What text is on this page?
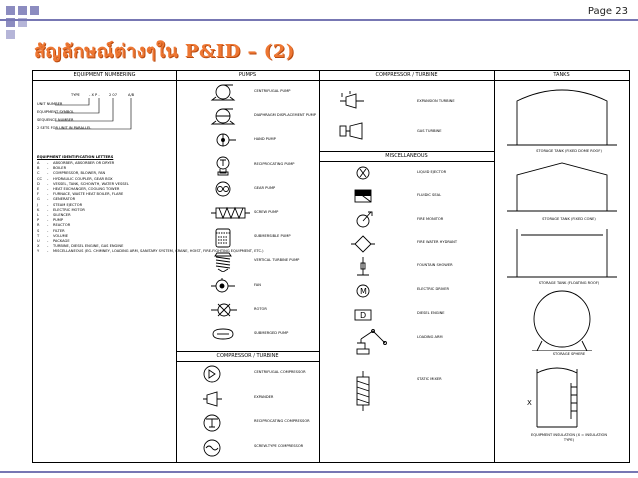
Page 23
สัญลักษณ์ต่างๆใน P&ID – (2)
EQUIPMENT NUMBERING	PUMPS	COMPRESSOR / TURBINE	TANKS
MISCELLANEOUS
COMPRESSOR / TURBINE
TYPE	- X P -	2 07	A/B
UNIT NUMBER
EQUIPMENT SYMBOL
SEQUENCE NUMBER
2 SETS FOR UNIT IN PARALLEL
EQUIPMENT IDENTIFICATION LETTERS
A - ABSORBER, ABSORBER OR DRYER
B - BOILER
C - COMPRESSOR, BLOWER, FAN
CC - HYDRAULIC COUPLER, GEAR BOX
D - VESSEL, TANK, SCHOWTH, WATER VESSEL
E - HEAT EXCHANGER, COOLING TOWER
F - FURNACE, WASTE HEAT BOILER, FLARE
G - GENERATOR
J - STEAM EJECTOR
K - ELECTRIC MOTOR
L - SILENCER
P - PUMP
R - REACTOR
S - FILTER
T - VOLUME
U - PACKAGE
X - TURBINE, DIESEL ENGINE, GAS ENGINE
Y - MISCELLANEOUS (EG. CHIMNEY, LOADING ARM, SANITARY SYSTEM, CRANE, HOIST, FIRE-FIGHTING EQUIPMENT, ETC.)
CENTRIFUGAL PUMP
DIAPHRAGM DISPLACEMENT PUMP
HAND PUMP
RECIPROCATING PUMP
GEAR PUMP
SCREW PUMP
SUBMERSIBLE PUMP
VERTICAL TURBINE PUMP
FAN
ROTOR
SUBMERGED PUMP
CENTRIFUGAL COMPRESSOR
EXPANDER
RECIPROCATING COMPRESSOR
SCREW-TYPE COMPRESSOR
EXPANSION TURBINE
GAS TURBINE
LIQUID EJECTOR
FLUIDIC SEAL
FIRE MONITOR
FIRE WATER HYDRANT
FOUNTAIN SHOWER
M	ELECTRIC DRIVER
D	DIESEL ENGINE
LOADING ARM
STATIC MIXER
STORAGE TANK (FIXED DOME ROOF)
STORAGE TANK (FIXED CONE)
STORAGE TANK (FLOATING ROOF)
STORAGE SPHERE
X
EQUIPMENT INSULATION (X = INSULATION TYPE)
